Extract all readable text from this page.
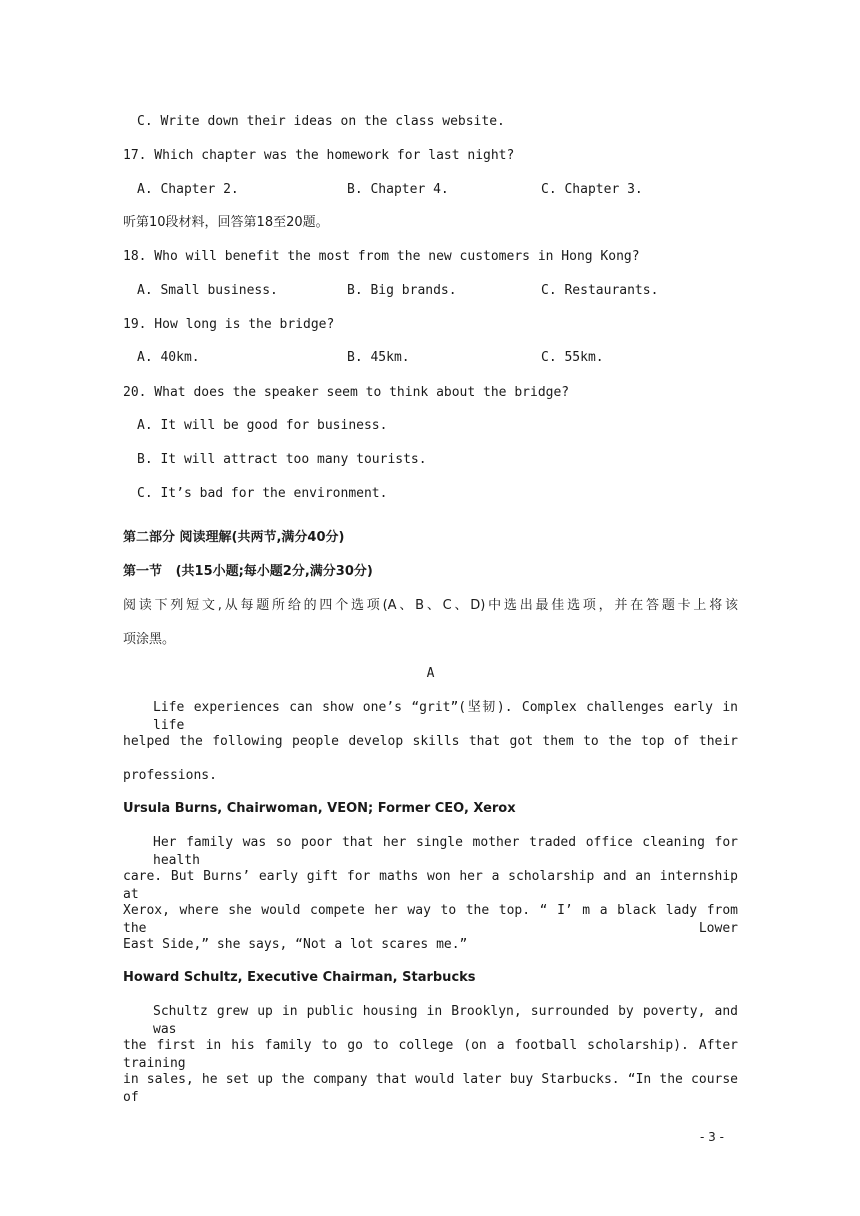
C. Write down their ideas on the class website.
17. Which chapter was the homework for last night?
A. Chapter 2.	B. Chapter 4.	C. Chapter 3.
听第10段材料，回答第18至20题。
18. Who will benefit the most from the new customers in Hong Kong?
A. Small business.	B. Big brands.	C. Restaurants.
19. How long is the bridge?
A. 40km.	B. 45km.	C. 55km.
20. What does the speaker seem to think about the bridge?
A. It will be good for business.
B. It will attract too many tourists.
C. It’s bad for the environment.
第二部分 阅读理解(共两节,满分40分)
第一节   (共15小题;每小题2分,满分30分)
阅读下列短文,从每题所给的四个选项(A、B、C、D)中选出最佳选项，并在答题卡上将该
项涂黑。
A
Life experiences can show one’s “grit”(坚韧). Complex challenges early in life
helped the following people develop skills that got them to the top of their
professions.
Ursula Burns, Chairwoman, VEON; Former CEO, Xerox
Her family was so poor that her single mother traded office cleaning for health
care. But Burns’ early gift for maths won her a scholarship and an internship at
Xerox, where she would compete her way to the top. “ I’ m a black lady from the Lower
East Side,” she says, “Not a lot scares me.”
Howard Schultz, Executive Chairman, Starbucks
Schultz grew up in public housing in Brooklyn, surrounded by poverty, and was
the first in his family to go to college (on a football scholarship). After training
in sales, he set up the company that would later buy Starbucks. “In the course of
- 3 -
